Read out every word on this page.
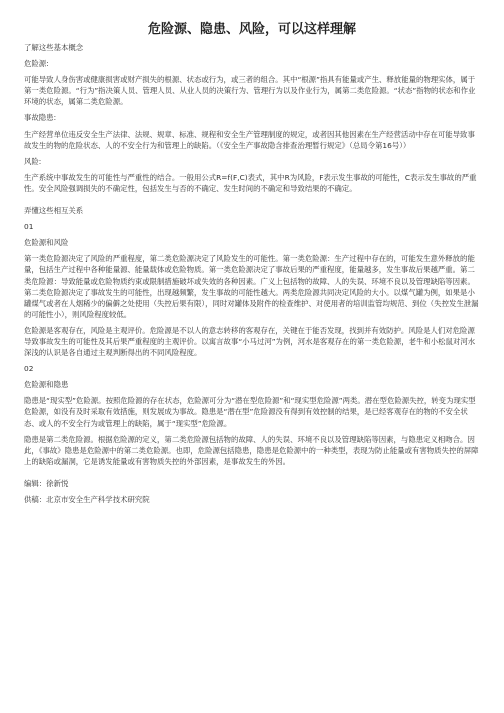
危险源、隐患、风险，可以这样理解

了解这些基本概念

危险源:

可能导致人身伤害或健康损害或财产损失的根源、状态或行为，或三者的组合。其中“根源”指具有能量或产生、释放能量的物理实体，属于第一类危险源。“行为”指决策人员、管理人员、从业人员的决策行为、管理行为以及作业行为，属第二类危险源。“状态”指物的状态和作业环境的状态，属第二类危险源。

事故隐患:

生产经营单位违反安全生产法律、法规、规章、标准、规程和安全生产管理制度的规定，或者因其他因素在生产经营活动中存在可能导致事故发生的物的危险状态、人的不安全行为和管理上的缺陷。（《安全生产事故隐含排查治理暂行规定》（总局令第16号））

风险:

生产系统中事故发生的可能性与严重性的结合。一般用公式R=f(F,C)表式，其中R为风险，F表示发生事故的可能性，C表示发生事故的严重性。安全风险强调损失的不确定性，包括发生与否的不确定、发生时间的不确定和导致结果的不确定。

弄懂这些相互关系

01

危险源和风险

第一类危险源决定了风险的严重程度，第二类危险源决定了风险发生的可能性。第一类危险源：生产过程中存在的，可能发生意外释放的能量，包括生产过程中各种能量源、能量载体或危险物质。第一类危险源决定了事故后果的严重程度，能量越多，发生事故后果越严重。第二类危险源：导致能量或危险物质约束或限制措施破坏或失效的各种因素。广义上包括物的故障、人的失误、环境不良以及管理缺陷等因素。第二类危险源决定了事故发生的可能性，出现越频繁，发生事故的可能性越大。两类危险源共同决定风险的大小。以煤气罐为例，如果是小罐煤气或者在人烟稀少的偏僻之处使用（失控后果有限），同时对罐体及附件的检查维护、对使用者的培训监管均规范、到位（失控发生泄漏的可能性小），则风险程度较低。

危险源是客观存在，风险是主观评价。危险源是不以人的意志转移的客观存在，关键在于能否发现，找到并有效防护。风险是人们对危险源导致事故发生的可能性及其后果严重程度的主观评价。以寓言故事“小马过河”为例，河水是客观存在的第一类危险源，老牛和小松鼠对河水深浅的认识是各自通过主观判断得出的不同风险程度。

02

危险源和隐患

隐患是“现实型”危险源。按照危险源的存在状态，危险源可分为“潜在型危险源”和“现实型危险源”两类。潜在型危险源失控，转变为现实型危险源，如没有及时采取有效措施，则发展成为事故。隐患是“潜在型”危险源没有得到有效控制的结果，是已经客观存在的物的不安全状态、或人的不安全行为或管理上的缺陷，属于“现实型”危险源。

隐患是第二类危险源。根据危险源的定义，第二类危险源包括物的故障、人的失误、环境不良以及管理缺陷等因素，与隐患定义相吻合。因此，《事故》隐患是危险源中的第二类危险源。也即，危险源包括隐患，隐患是危险源中的一种类型，表现为防止能量或有害物质失控的屏障上的缺陷或漏洞，它是诱发能量或有害物质失控的外部因素，是事故发生的外因。

编辑：徐新悦

供稿：北京市安全生产科学技术研究院
